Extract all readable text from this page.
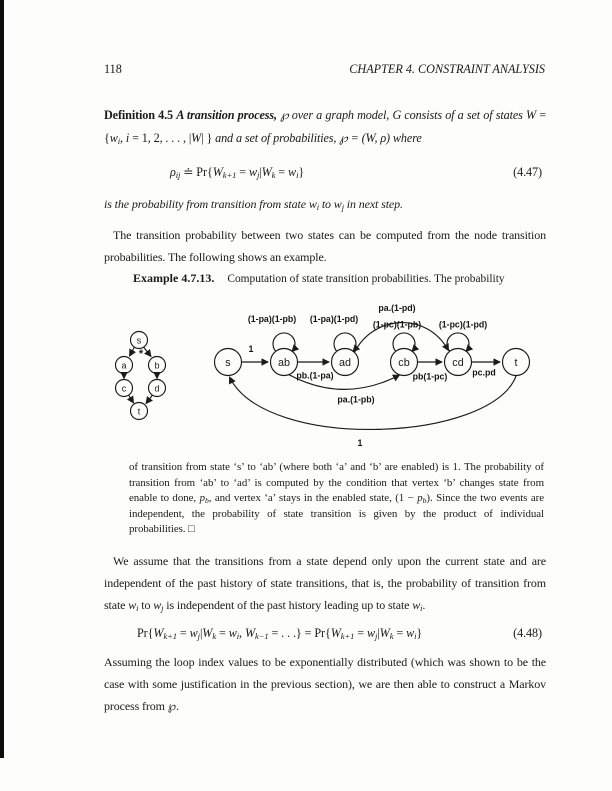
118	CHAPTER 4. CONSTRAINT ANALYSIS

Definition 4.5 A transition process, ℘ over a graph model, G consists of a set of states W = {wi, i = 1, 2, . . . , |W| } and a set of probabilities, ℘ = (W, ρ) where

ρij ≐ Pr{Wk+1 = wj|Wk = wi}	(4.47)

is the probability from transition from state wi to wj in next step.

The transition probability between two states can be computed from the node transition probabilities. The following shows an example.

Example 4.7.13. Computation of state transition probabilities. The probability
s
a	b
c	d
t
*
s	ab	ad	cb	cd	t
1
(1-pa)(1-pb) (1-pa)(1-pd)
pa.(1-pd)
(1-pc)(1-pb) (1-pc)(1-pd)
pb.(1-pa)	pb(1-pc)	pc.pd
pa.(1-pb)
1

of transition from state ‘s’ to ‘ab’ (where both ‘a’ and ‘b’ are enabled) is 1. The probability of transition from ‘ab’ to ‘ad’ is computed by the condition that vertex ‘b’ changes state from enable to done, pb, and vertex ‘a’ stays in the enabled state, (1 − pb). Since the two events are independent, the probability of state transition is given by the product of individual probabilities. □

We assume that the transitions from a state depend only upon the current state and are independent of the past history of state transitions, that is, the probability of transition from state wi to wj is independent of the past history leading up to state wi.

Pr{Wk+1 = wj|Wk = wi, Wk−1 = . . .} = Pr{Wk+1 = wj|Wk = wi}	(4.48)

Assuming the loop index values to be exponentially distributed (which was shown to be the case with some justification in the previous section), we are then able to construct a Markov process from ℘.
